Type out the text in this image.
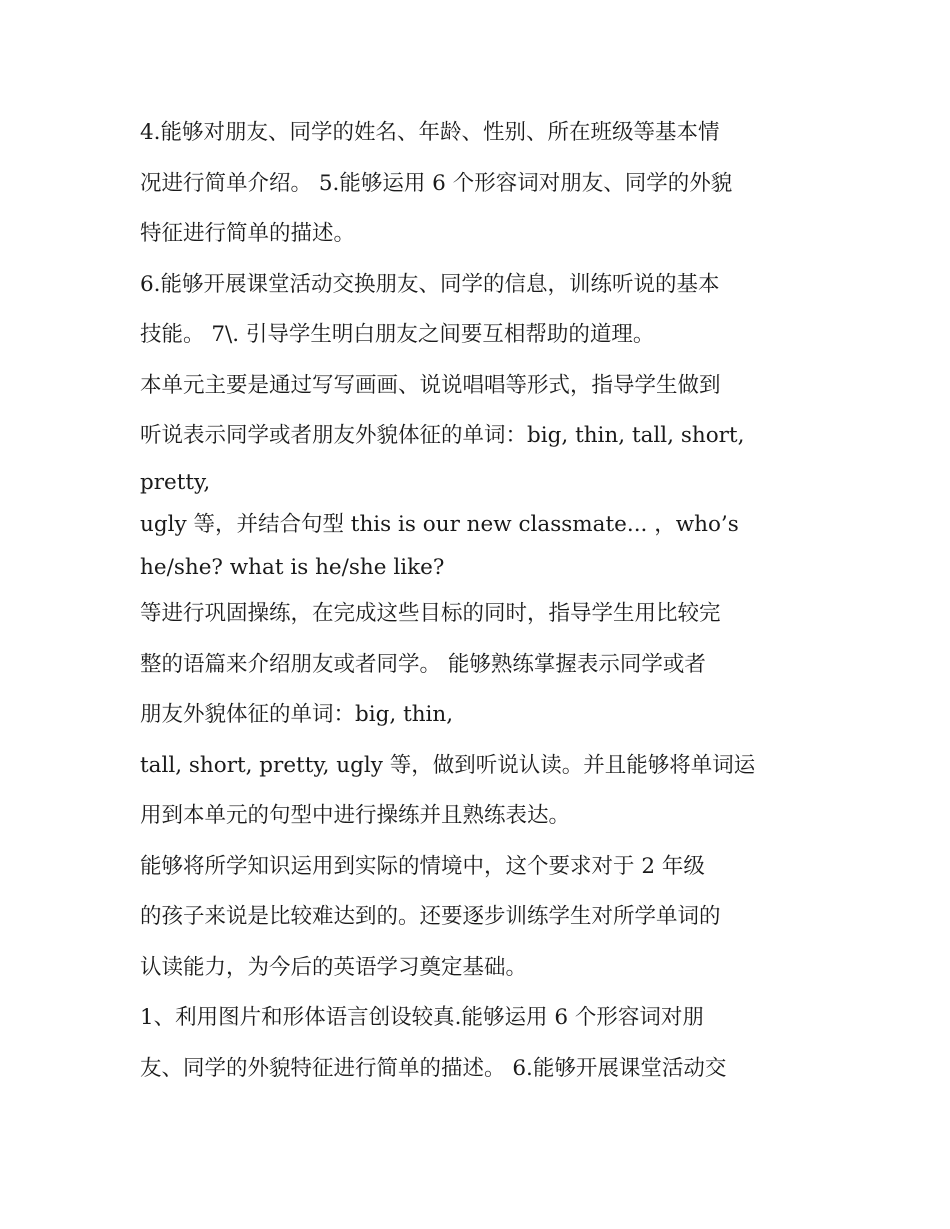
4.能够对朋友、同学的姓名、年龄、性别、所在班级等基本情
况进行简单介绍。 5.能够运用 6 个形容词对朋友、同学的外貌
特征进行简单的描述。

6.能够开展课堂活动交换朋友、同学的信息，训练听说的基本
技能。 7\. 引导学生明白朋友之间要互相帮助的道理。

本单元主要是通过写写画画、说说唱唱等形式，指导学生做到
听说表示同学或者朋友外貌体征的单词：big, thin, tall, short,
pretty,

ugly 等，并结合句型 this is our new classmate... ，who’s
he/she? what is he/she like?

等进行巩固操练，在完成这些目标的同时，指导学生用比较完
整的语篇来介绍朋友或者同学。 能够熟练掌握表示同学或者
朋友外貌体征的单词：big, thin,

tall, short, pretty, ugly 等，做到听说认读。并且能够将单词运
用到本单元的句型中进行操练并且熟练表达。

能够将所学知识运用到实际的情境中，这个要求对于 2 年级
的孩子来说是比较难达到的。还要逐步训练学生对所学单词的
认读能力，为今后的英语学习奠定基础。

1、利用图片和形体语言创设较真.能够运用 6 个形容词对朋
友、同学的外貌特征进行简单的描述。 6.能够开展课堂活动交
